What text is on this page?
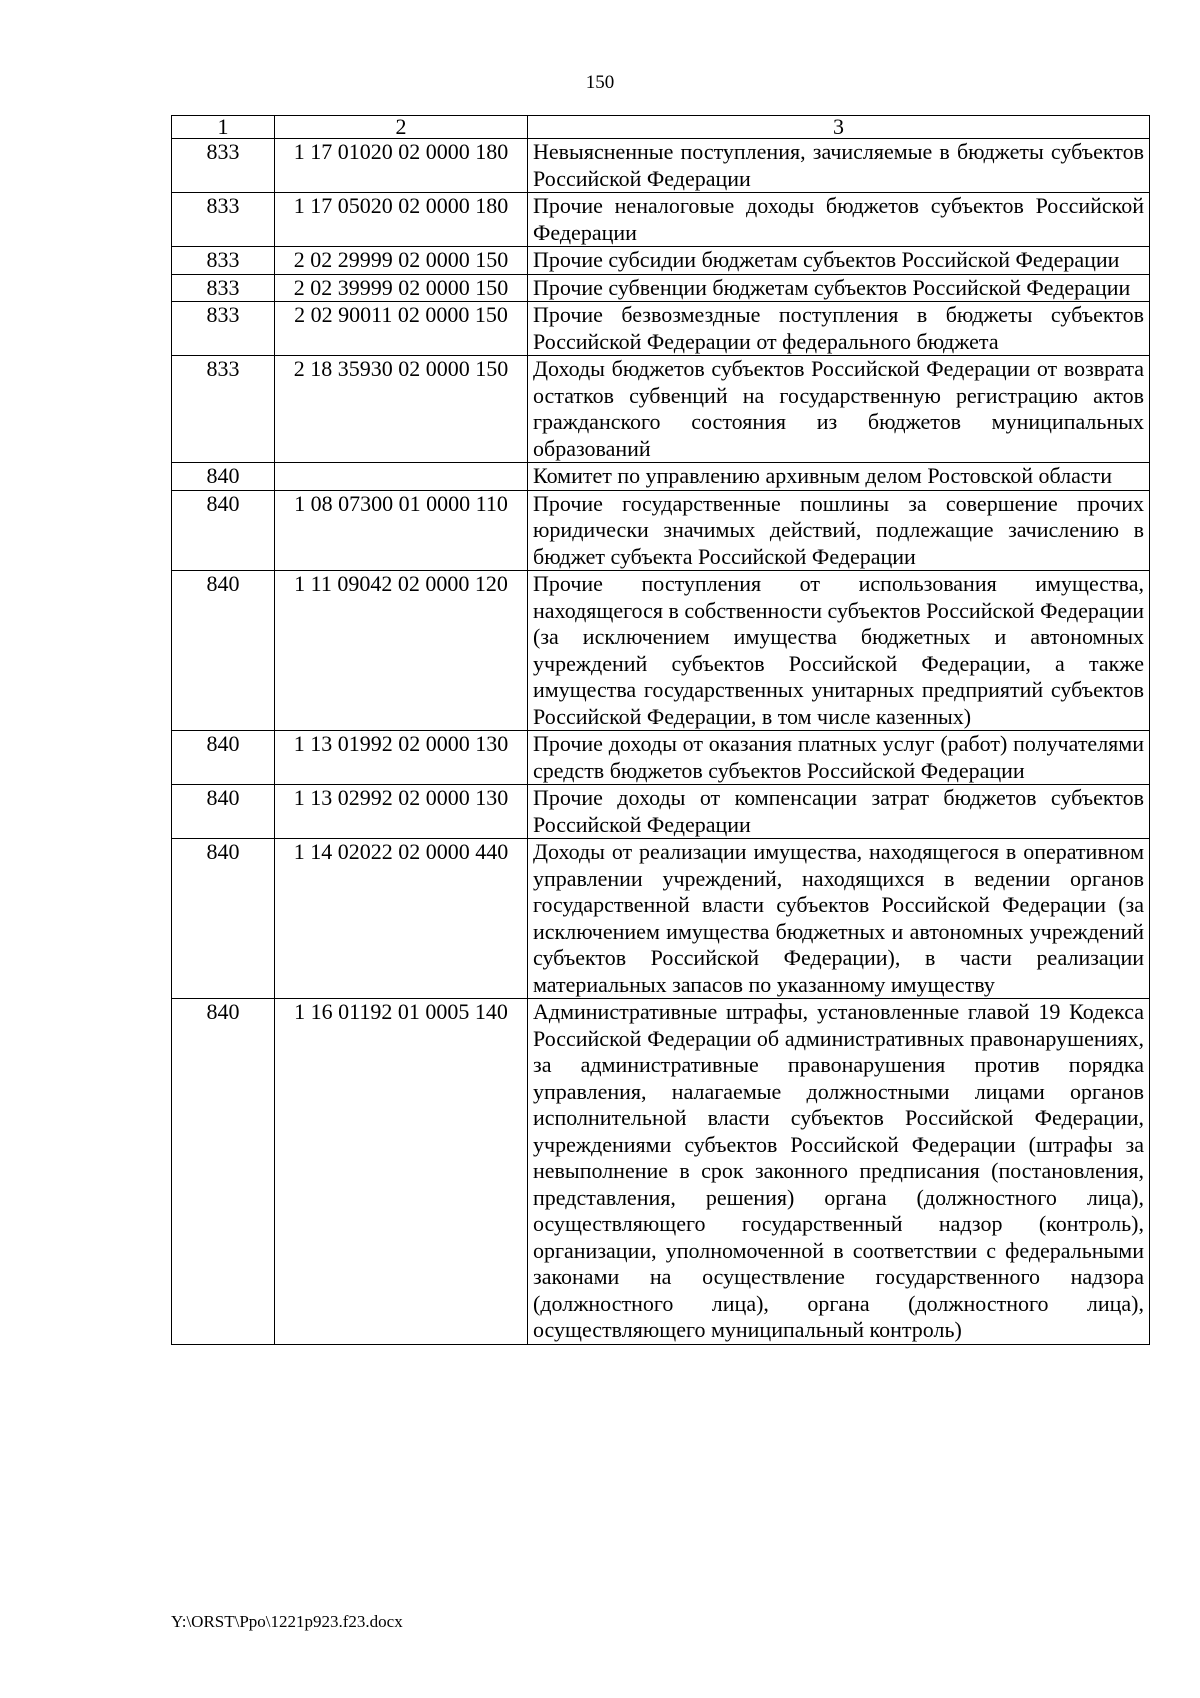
150
1	2	3
833	1 17 01020 02 0000 180	Невыясненные поступления, зачисляемые в бюджеты субъектов Российской Федерации
833	1 17 05020 02 0000 180	Прочие неналоговые доходы бюджетов субъектов Российской Федерации
833	2 02 29999 02 0000 150	Прочие субсидии бюджетам субъектов Российской Федерации
833	2 02 39999 02 0000 150	Прочие субвенции бюджетам субъектов Российской Федерации
833	2 02 90011 02 0000 150	Прочие безвозмездные поступления в бюджеты субъектов Российской Федерации от федерального бюджета
833	2 18 35930 02 0000 150	Доходы бюджетов субъектов Российской Федерации от возврата остатков субвенций на государственную регистрацию актов гражданского состояния из бюджетов муниципальных образований
840		Комитет по управлению архивным делом Ростовской области
840	1 08 07300 01 0000 110	Прочие государственные пошлины за совершение прочих юридически значимых действий, подлежащие зачислению в бюджет субъекта Российской Федерации
840	1 11 09042 02 0000 120	Прочие поступления от использования имущества, находящегося в собственности субъектов Российской Федерации (за исключением имущества бюджетных и автономных учреждений субъектов Российской Федерации, а также имущества государственных унитарных предприятий субъектов Российской Федерации, в том числе казенных)
840	1 13 01992 02 0000 130	Прочие доходы от оказания платных услуг (работ) получателями средств бюджетов субъектов Российской Федерации
840	1 13 02992 02 0000 130	Прочие доходы от компенсации затрат бюджетов субъектов Российской Федерации
840	1 14 02022 02 0000 440	Доходы от реализации имущества, находящегося в оперативном управлении учреждений, находящихся в ведении органов государственной власти субъектов Российской Федерации (за исключением имущества бюджетных и автономных учреждений субъектов Российской Федерации), в части реализации материальных запасов по указанному имуществу
840	1 16 01192 01 0005 140	Административные штрафы, установленные главой 19 Кодекса Российской Федерации об административных правонарушениях, за административные правонарушения против порядка управления, налагаемые должностными лицами органов исполнительной власти субъектов Российской Федерации, учреждениями субъектов Российской Федерации (штрафы за невыполнение в срок законного предписания (постановления, представления, решения) органа (должностного лица), осуществляющего государственный надзор (контроль), организации, уполномоченной в соответствии с федеральными законами на осуществление государственного надзора (должностного лица), органа (должностного лица), осуществляющего муниципальный контроль)
Y:\ORST\Ppo\1221p923.f23.docx
